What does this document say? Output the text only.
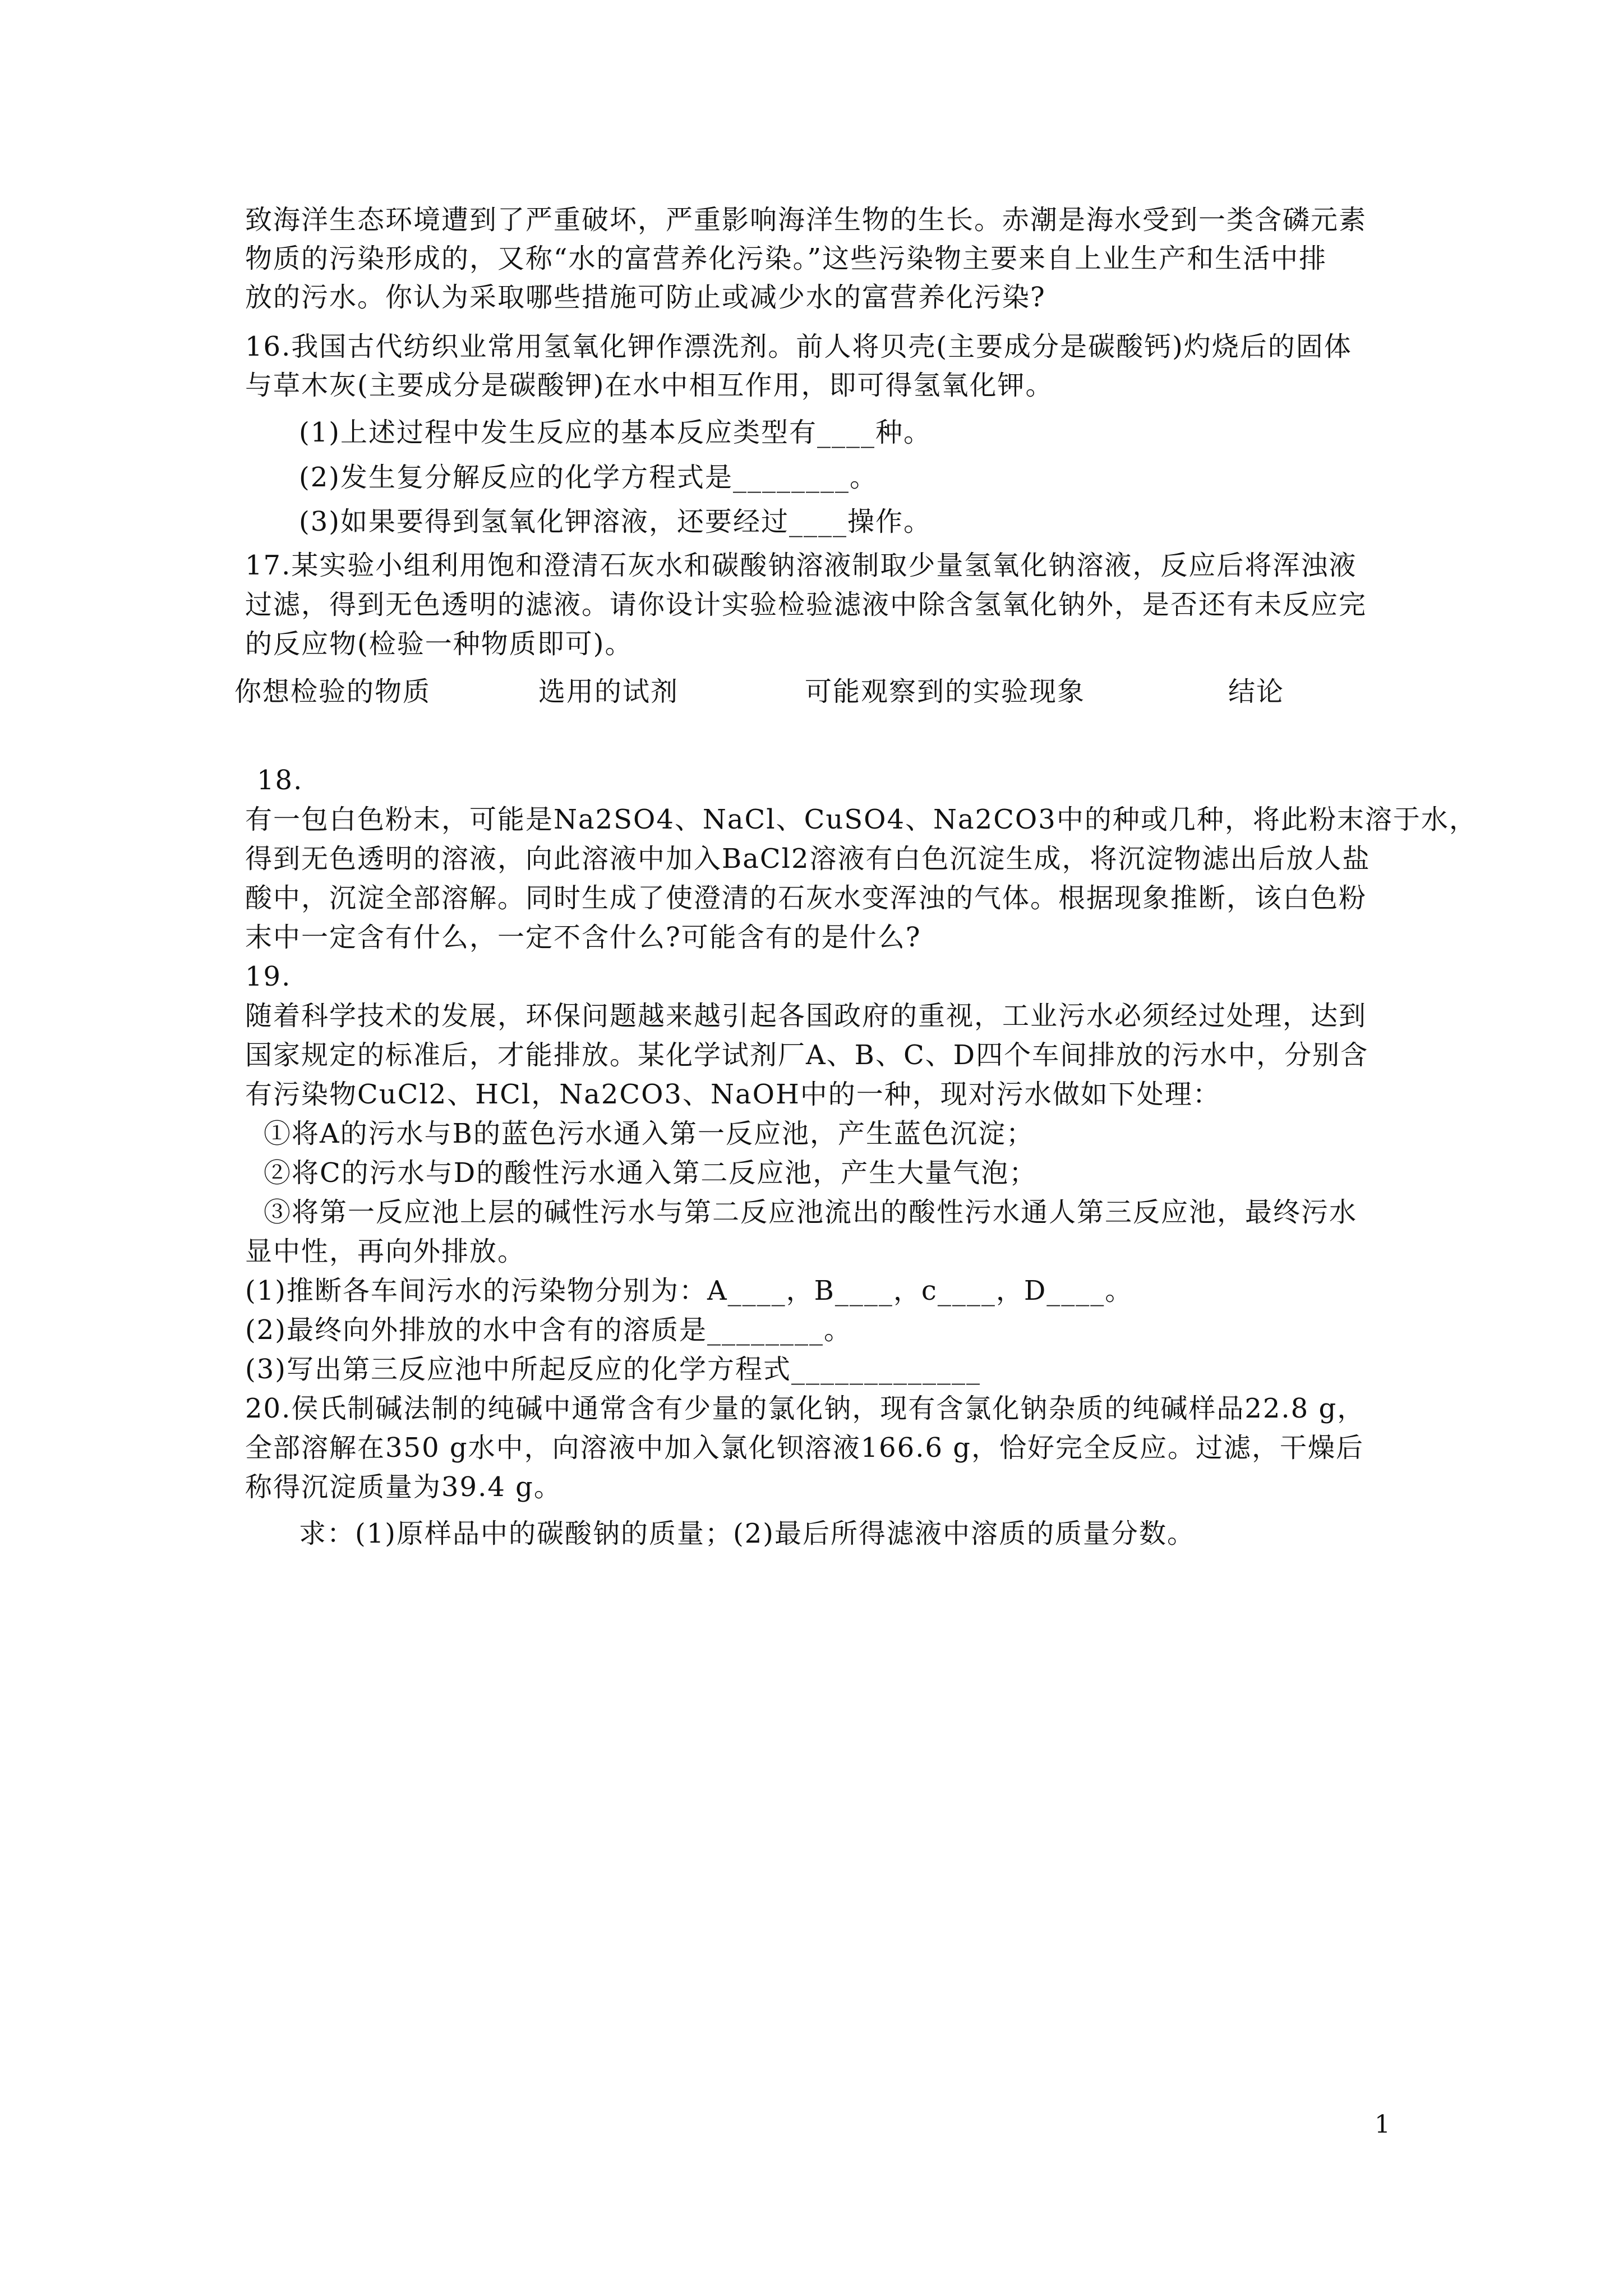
致海洋生态环境遭到了严重破坏，严重影响海洋生物的生长。赤潮是海水受到一类含磷元素
物质的污染形成的，又称“水的富营养化污染。”这些污染物主要来自上业生产和生活中排
放的污水。你认为采取哪些措施可防止或减少水的富营养化污染?
16.我国古代纺织业常用氢氧化钾作漂洗剂。前人将贝壳(主要成分是碳酸钙)灼烧后的固体
与草木灰(主要成分是碳酸钾)在水中相互作用，即可得氢氧化钾。
(1)上述过程中发生反应的基本反应类型有____种。
(2)发生复分解反应的化学方程式是________。
(3)如果要得到氢氧化钾溶液，还要经过____操作。
17.某实验小组利用饱和澄清石灰水和碳酸钠溶液制取少量氢氧化钠溶液，反应后将浑浊液
过滤，得到无色透明的滤液。请你设计实验检验滤液中除含氢氧化钠外，是否还有未反应完
的反应物(检验一种物质即可)。
你想检验的物质	选用的试剂	可能观察到的实验现象	结论
18.
有一包白色粉末，可能是Na2SO4、NaCl、CuSO4、Na2CO3中的种或几种，将此粉末溶于水，
得到无色透明的溶液，向此溶液中加入BaCl2溶液有白色沉淀生成，将沉淀物滤出后放人盐
酸中，沉淀全部溶解。同时生成了使澄清的石灰水变浑浊的气体。根据现象推断，该白色粉
末中一定含有什么，一定不含什么?可能含有的是什么?
19.
随着科学技术的发展，环保问题越来越引起各国政府的重视，工业污水必须经过处理，达到
国家规定的标准后，才能排放。某化学试剂厂A、B、C、D四个车间排放的污水中，分别含
有污染物CuCl2、HCl，Na2CO3、NaOH中的一种，现对污水做如下处理：
①将A的污水与B的蓝色污水通入第一反应池，产生蓝色沉淀；
②将C的污水与D的酸性污水通入第二反应池，产生大量气泡；
③将第一反应池上层的碱性污水与第二反应池流出的酸性污水通人第三反应池，最终污水
显中性，再向外排放。
(1)推断各车间污水的污染物分别为：A____，B____，c____，D____。
(2)最终向外排放的水中含有的溶质是________。
(3)写出第三反应池中所起反应的化学方程式_____________
20.侯氏制碱法制的纯碱中通常含有少量的氯化钠，现有含氯化钠杂质的纯碱样品22.8 g，
全部溶解在350 g水中，向溶液中加入氯化钡溶液166.6 g，恰好完全反应。过滤，干燥后
称得沉淀质量为39.4 g。
求：(1)原样品中的碳酸钠的质量；(2)最后所得滤液中溶质的质量分数。
1
